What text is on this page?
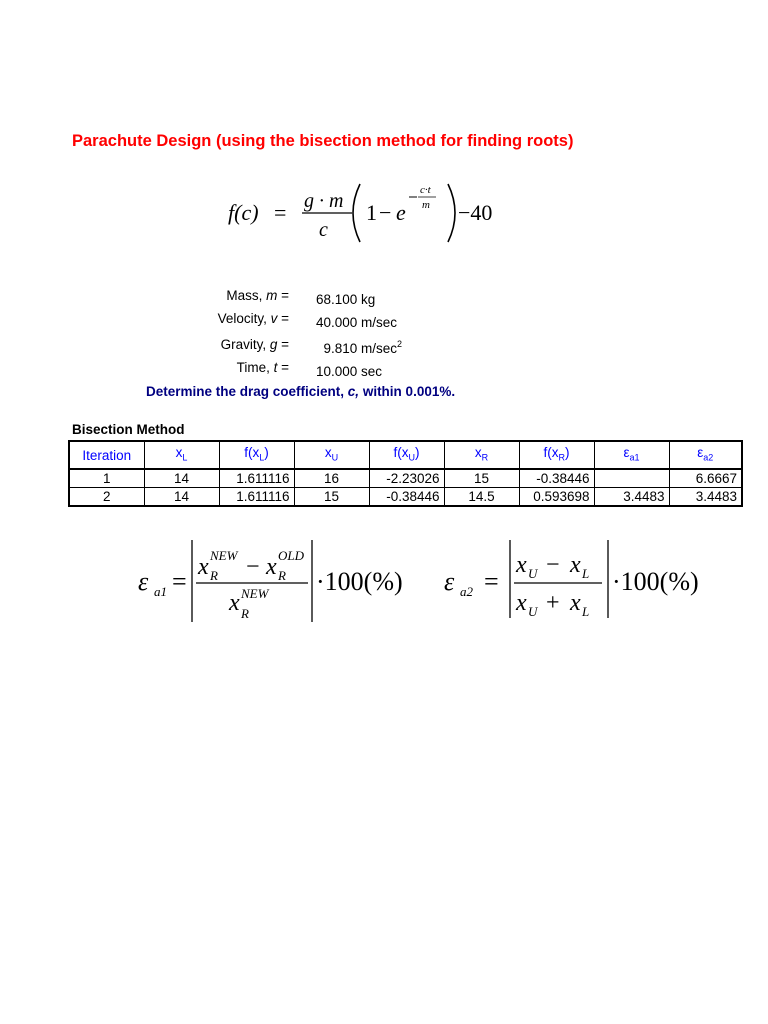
Parachute Design (using the bisection method for finding roots)
f(c) = g · m
c
1 − e
c·t
m −40
Mass, m = 68.100 kg
Velocity, v = 40.000 m/sec
Gravity, g = 9.810 $m/\sec^2$
Time, t = 10.000 sec
Determine the drag coefficient, c, within 0.001%.
Bisection Method
Iteration	$x_L$	$f(x_L)$	$x_U$	$f(x_U)$	$x_R$	$f(x_R)$	$\varepsilon_{a1}$	$\varepsilon_{a2}$
1	14	1.611116	16	-2.23026	15	-0.38446		6.6667
2	14	1.611116	15	-0.38446	14.5	0.593698	3.4483	3.4483
ε a1 = x NEW
R − x OLD
R
x NEW
R
·100(%) ε a2 =
x U − x L
x U + x L
·100(%)
